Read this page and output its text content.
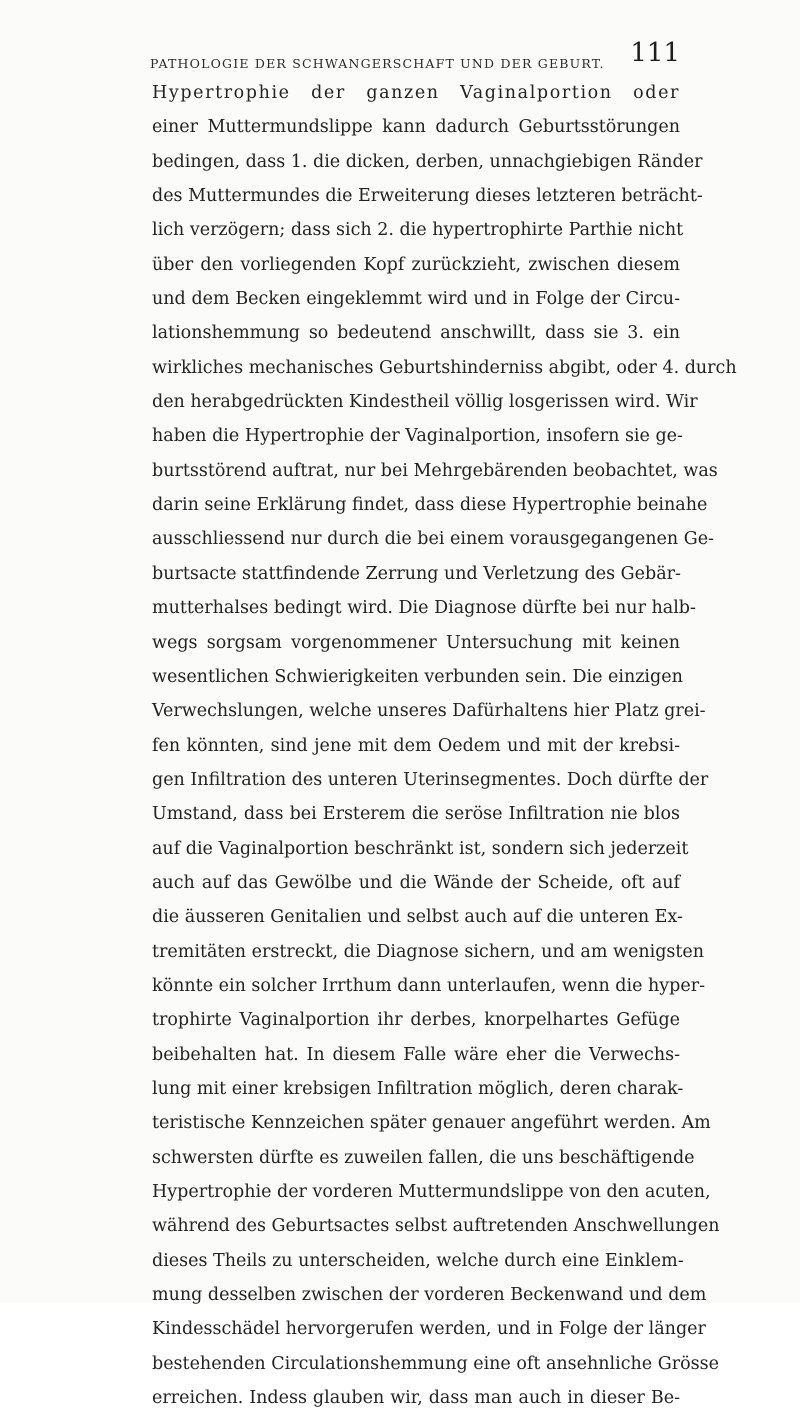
PATHOLOGIE DER SCHWANGERSCHAFT UND DER GEBURT. 111
Hypertrophie der ganzen Vaginalportion oder
einer Muttermundslippe kann dadurch Geburtsstörungen
bedingen, dass 1. die dicken, derben, unnachgiebigen Ränder
des Muttermundes die Erweiterung dieses letzteren beträcht-
lich verzögern; dass sich 2. die hypertrophirte Parthie nicht
über den vorliegenden Kopf zurückzieht, zwischen diesem
und dem Becken eingeklemmt wird und in Folge der Circu-
lationshemmung so bedeutend anschwillt, dass sie 3. ein
wirkliches mechanisches Geburtshinderniss abgibt, oder 4. durch
den herabgedrückten Kindestheil völlig losgerissen wird. Wir
haben die Hypertrophie der Vaginalportion, insofern sie ge-
burtsstörend auftrat, nur bei Mehrgebärenden beobachtet, was
darin seine Erklärung findet, dass diese Hypertrophie beinahe
ausschliessend nur durch die bei einem vorausgegangenen Ge-
burtsacte stattfindende Zerrung und Verletzung des Gebär-
mutterhalses bedingt wird. Die Diagnose dürfte bei nur halb-
wegs sorgsam vorgenommener Untersuchung mit keinen
wesentlichen Schwierigkeiten verbunden sein. Die einzigen
Verwechslungen, welche unseres Dafürhaltens hier Platz grei-
fen könnten, sind jene mit dem Oedem und mit der krebsi-
gen Infiltration des unteren Uterinsegmentes. Doch dürfte der
Umstand, dass bei Ersterem die seröse Infiltration nie blos
auf die Vaginalportion beschränkt ist, sondern sich jederzeit
auch auf das Gewölbe und die Wände der Scheide, oft auf
die äusseren Genitalien und selbst auch auf die unteren Ex-
tremitäten erstreckt, die Diagnose sichern, und am wenigsten
könnte ein solcher Irrthum dann unterlaufen, wenn die hyper-
trophirte Vaginalportion ihr derbes, knorpelhartes Gefüge
beibehalten hat. In diesem Falle wäre eher die Verwechs-
lung mit einer krebsigen Infiltration möglich, deren charak-
teristische Kennzeichen später genauer angeführt werden. Am
schwersten dürfte es zuweilen fallen, die uns beschäftigende
Hypertrophie der vorderen Muttermundslippe von den acuten,
während des Geburtsactes selbst auftretenden Anschwellungen
dieses Theils zu unterscheiden, welche durch eine Einklem-
mung desselben zwischen der vorderen Beckenwand und dem
Kindesschädel hervorgerufen werden, und in Folge der länger
bestehenden Circulationshemmung eine oft ansehnliche Grösse
erreichen. Indess glauben wir, dass man auch in dieser Be-
